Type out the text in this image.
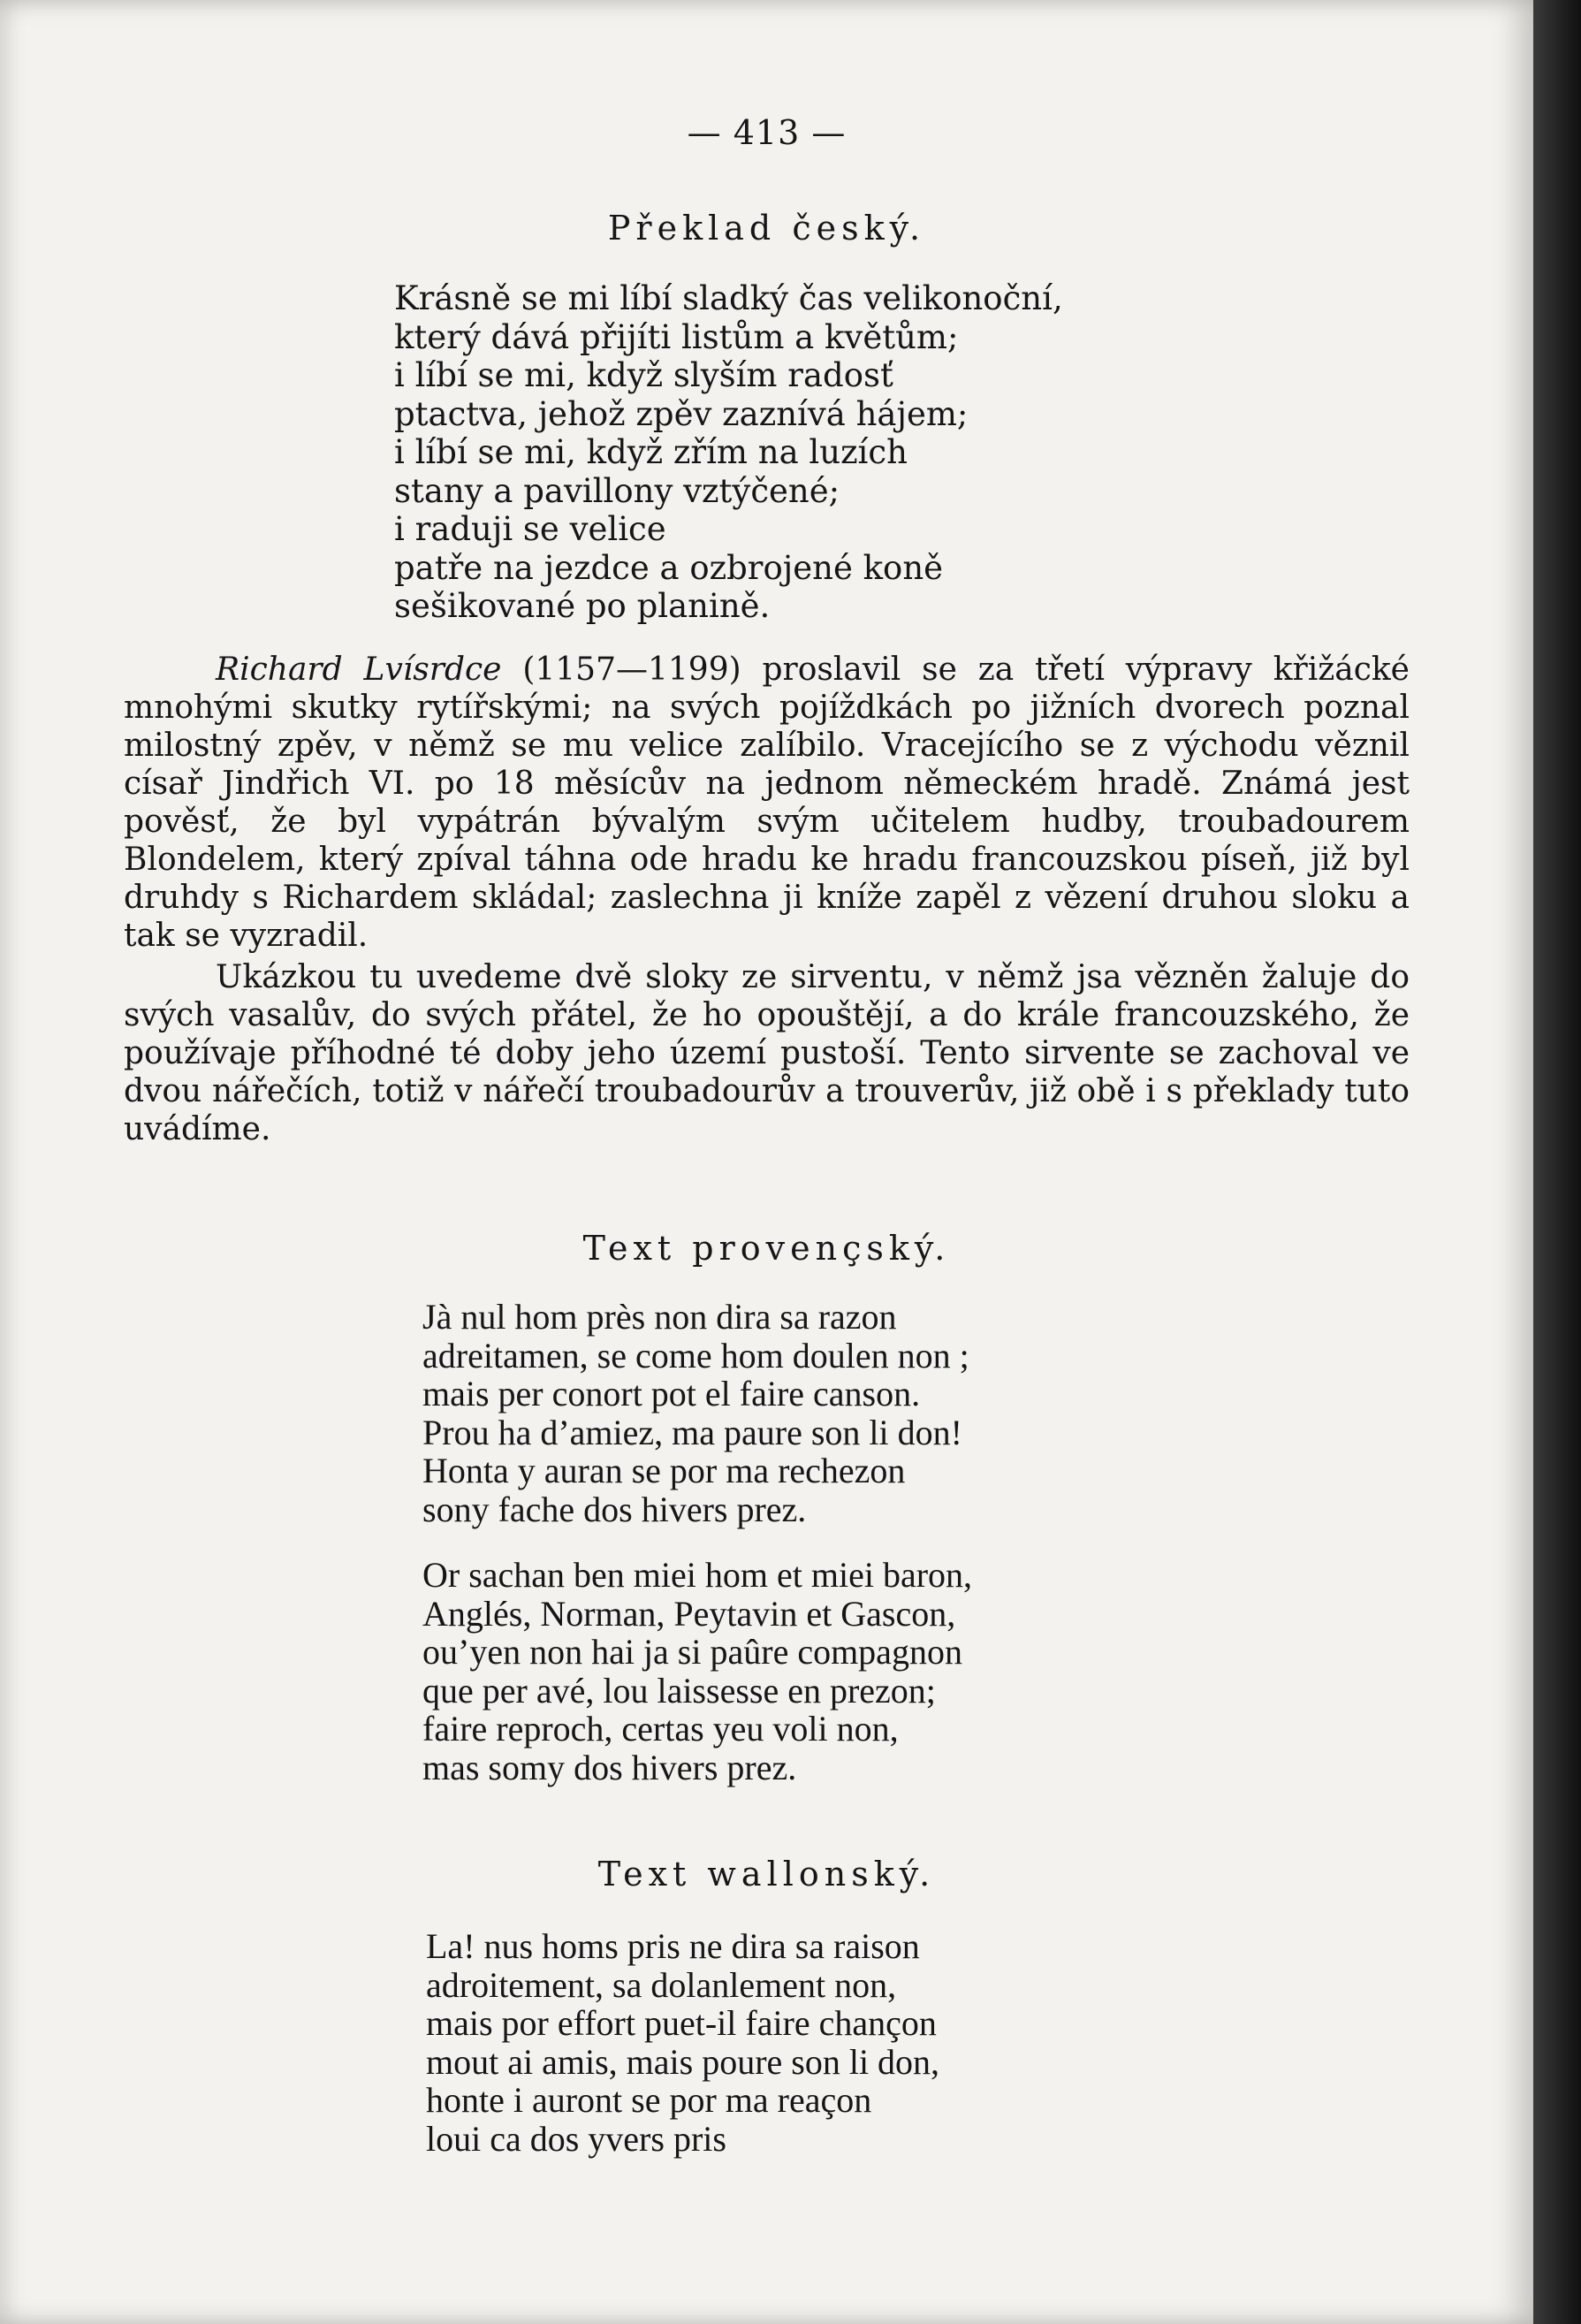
— 413 —
Překlad český.
Krásně se mi líbí sladký čas velikonoční,
který dává přijíti listům a květům;
i líbí se mi, když slyším radosť
ptactva, jehož zpěv zaznívá hájem;
i líbí se mi, když zřím na luzích
stany a pavillony vztýčené;
i raduji se velice
patře na jezdce a ozbrojené koně
sešikované po planině.

Richard Lvísrdce (1157—1199) proslavil se za třetí výpravy křižácké mnohými skutky rytířskými; na svých pojíždkách po jižních dvorech poznal milostný zpěv, v němž se mu velice zalíbilo. Vracejícího se z východu věznil císař Jindřich VI. po 18 měsícův na jednom německém hradě. Známá jest pověsť, že byl vypátrán bývalým svým učitelem hudby, troubadourem Blondelem, který zpíval táhna ode hradu ke hradu francouzskou píseň, již byl druhdy s Richardem skládal; zaslechna ji kníže zapěl z vězení druhou sloku a tak se vyzradil.

Ukázkou tu uvedeme dvě sloky ze sirventu, v němž jsa vězněn žaluje do svých vasalův, do svých přátel, že ho opouštějí, a do krále francouzského, že používaje příhodné té doby jeho území pustoší. Tento sirvente se zachoval ve dvou nářečích, totiž v nářečí troubadourův a trouverův, již obě i s překlady tuto uvádíme.

Text provençský.
Jà nul hom près non dira sa razon
adreitamen, se come hom doulen non ;
mais per conort pot el faire canson.
Prou ha d’amiez, ma paure son li don!
Honta y auran se por ma rechezon
sony fache dos hivers prez.
Or sachan ben miei hom et miei baron,
Anglés, Norman, Peytavin et Gascon,
ou’yen non hai ja si paûre compagnon
que per avé, lou laissesse en prezon;
faire reproch, certas yeu voli non,
mas somy dos hivers prez.
Text wallonský.
La! nus homs pris ne dira sa raison
adroitement, sa dolanlement non,
mais por effort puet-il faire chançon
mout ai amis, mais poure son li don,
honte i auront se por ma reaçon
loui ca dos yvers pris
